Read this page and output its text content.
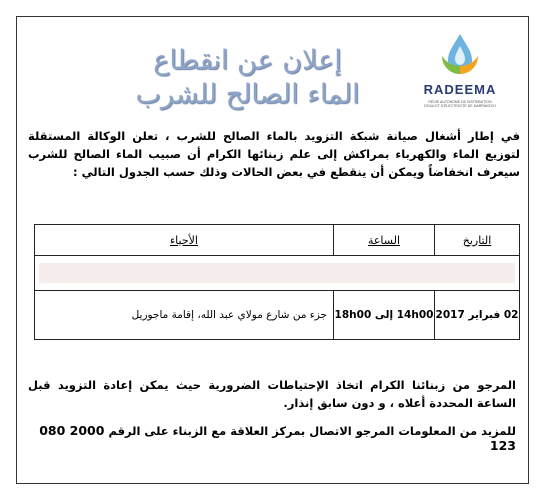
RADEEMA
RÉGIE AUTONOME DE DISTRIBUTION D'EAU ET D'ÉLECTRICITÉ DE MARRAKECH
إعلان عن انقطاع
الماء الصالح للشرب
في إطار أشغال صيانة شبكة التزويد بالماء الصالح للشرب ، تعلن الوكالة المستقلة لتوزيع الماء والكهرباء بمراكش إلى علم زبنائها الكرام أن صبيب الماء الصالح للشرب سيعرف انخفاضاً ويمكن أن ينقطع في بعض الحالات وذلك حسب الجدول التالي :
التاريخ	الساعة	الأحياء

02 فبراير 2017	14h00 إلى 18h00	جزء من شارع مولاي عبد الله، إقامة ماجوريل
المرجو من زبنائنا الكرام اتخاذ الإحتياطات الضرورية حيث يمكن إعادة التزويد قبل الساعة المحددة أعلاه ، و دون سابق إنذار.
للمزيد من المعلومات المرجو الاتصال بمركز العلاقة مع الزبناء على الرقم 080 2000 123
